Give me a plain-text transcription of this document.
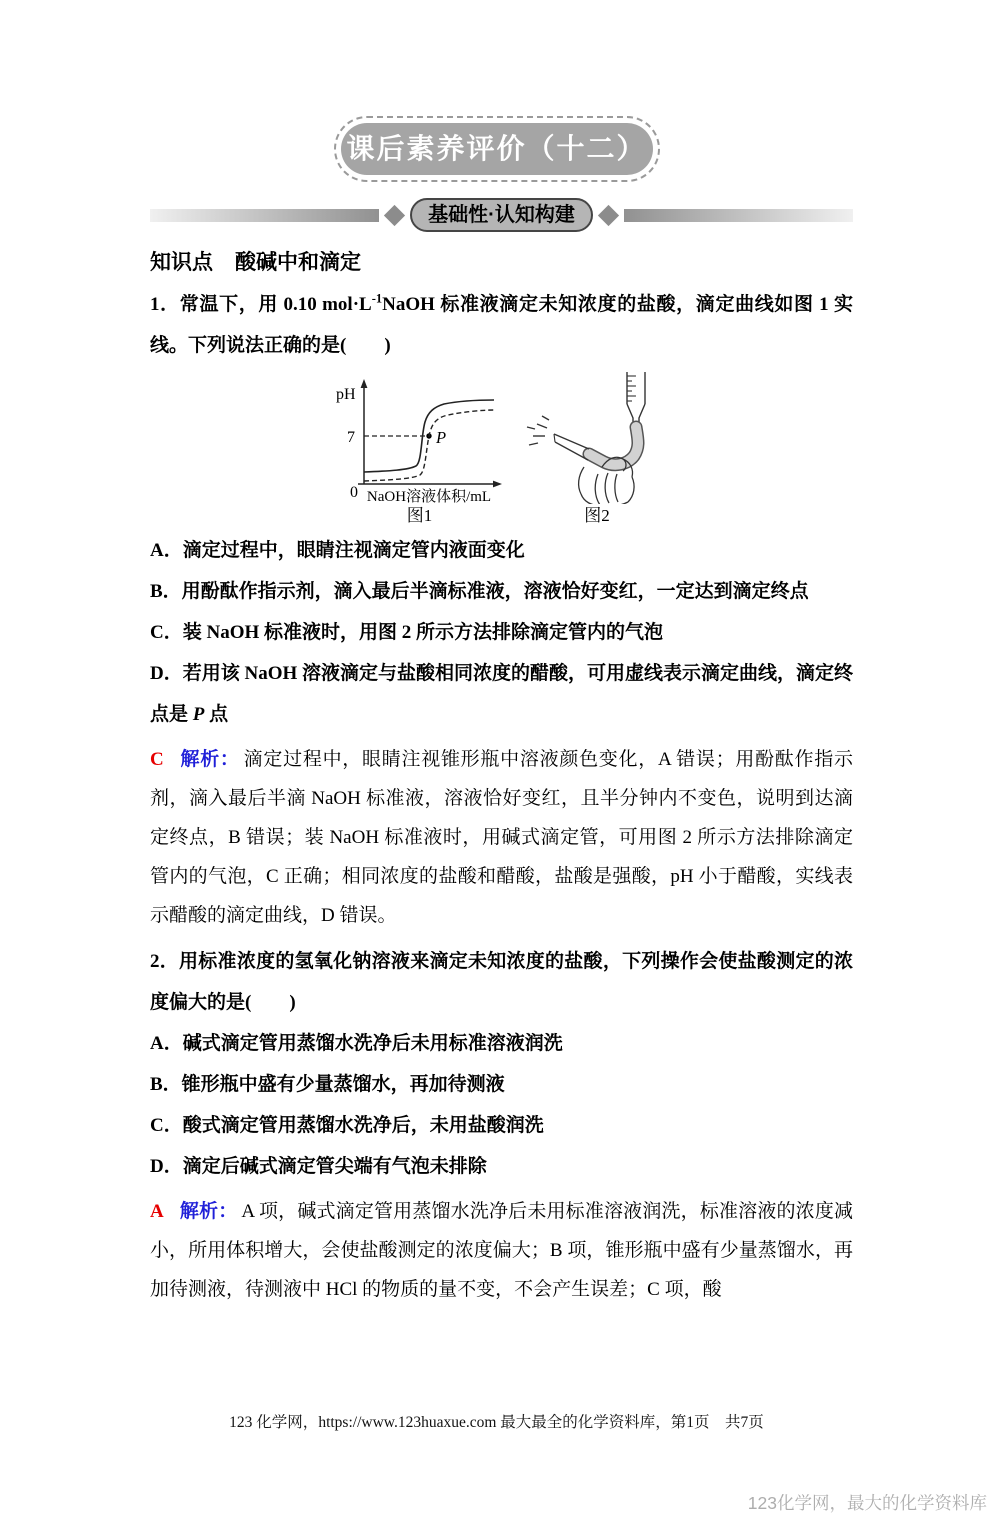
课后素养评价（十二）
基础性·认知构建
知识点 酸碱中和滴定

1．常温下，用 0.10 $mol\cdot L^{-1}NaOH$ 标准液滴定未知浓度的盐酸，滴定曲线如图 1 实线。下列说法正确的是(　　)

pH
7
0
P
NaOH溶液体积/mL
图1	图2

A．滴定过程中，眼睛注视滴定管内液面变化

B．用酚酞作指示剂，滴入最后半滴标准液，溶液恰好变红，一定达到滴定终点

C．装 NaOH 标准液时，用图 2 所示方法排除滴定管内的气泡

D．若用该 NaOH 溶液滴定与盐酸相同浓度的醋酸，可用虚线表示滴定曲线，滴定终点是 P 点

C 解析： 滴定过程中，眼睛注视锥形瓶中溶液颜色变化，A 错误；用酚酞作指示剂，滴入最后半滴 NaOH 标准液，溶液恰好变红，且半分钟内不变色，说明到达滴定终点，B 错误；装 NaOH 标准液时，用碱式滴定管，可用图 2 所示方法排除滴定管内的气泡，C 正确；相同浓度的盐酸和醋酸，盐酸是强酸，pH 小于醋酸，实线表示醋酸的滴定曲线，D 错误。

2．用标准浓度的氢氧化钠溶液来滴定未知浓度的盐酸，下列操作会使盐酸测定的浓度偏大的是(　　)

A．碱式滴定管用蒸馏水洗净后未用标准溶液润洗

B．锥形瓶中盛有少量蒸馏水，再加待测液

C．酸式滴定管用蒸馏水洗净后，未用盐酸润洗

D．滴定后碱式滴定管尖端有气泡未排除

A 解析： A 项，碱式滴定管用蒸馏水洗净后未用标准溶液润洗，标准溶液的浓度减小，所用体积增大，会使盐酸测定的浓度偏大；B 项，锥形瓶中盛有少量蒸馏水，再加待测液，待测液中 HCl 的物质的量不变，不会产生误差；C 项，酸

123 化学网，https://www.123huaxue.com 最大最全的化学资料库，第1页　共7页
123化学网，最大的化学资料库
